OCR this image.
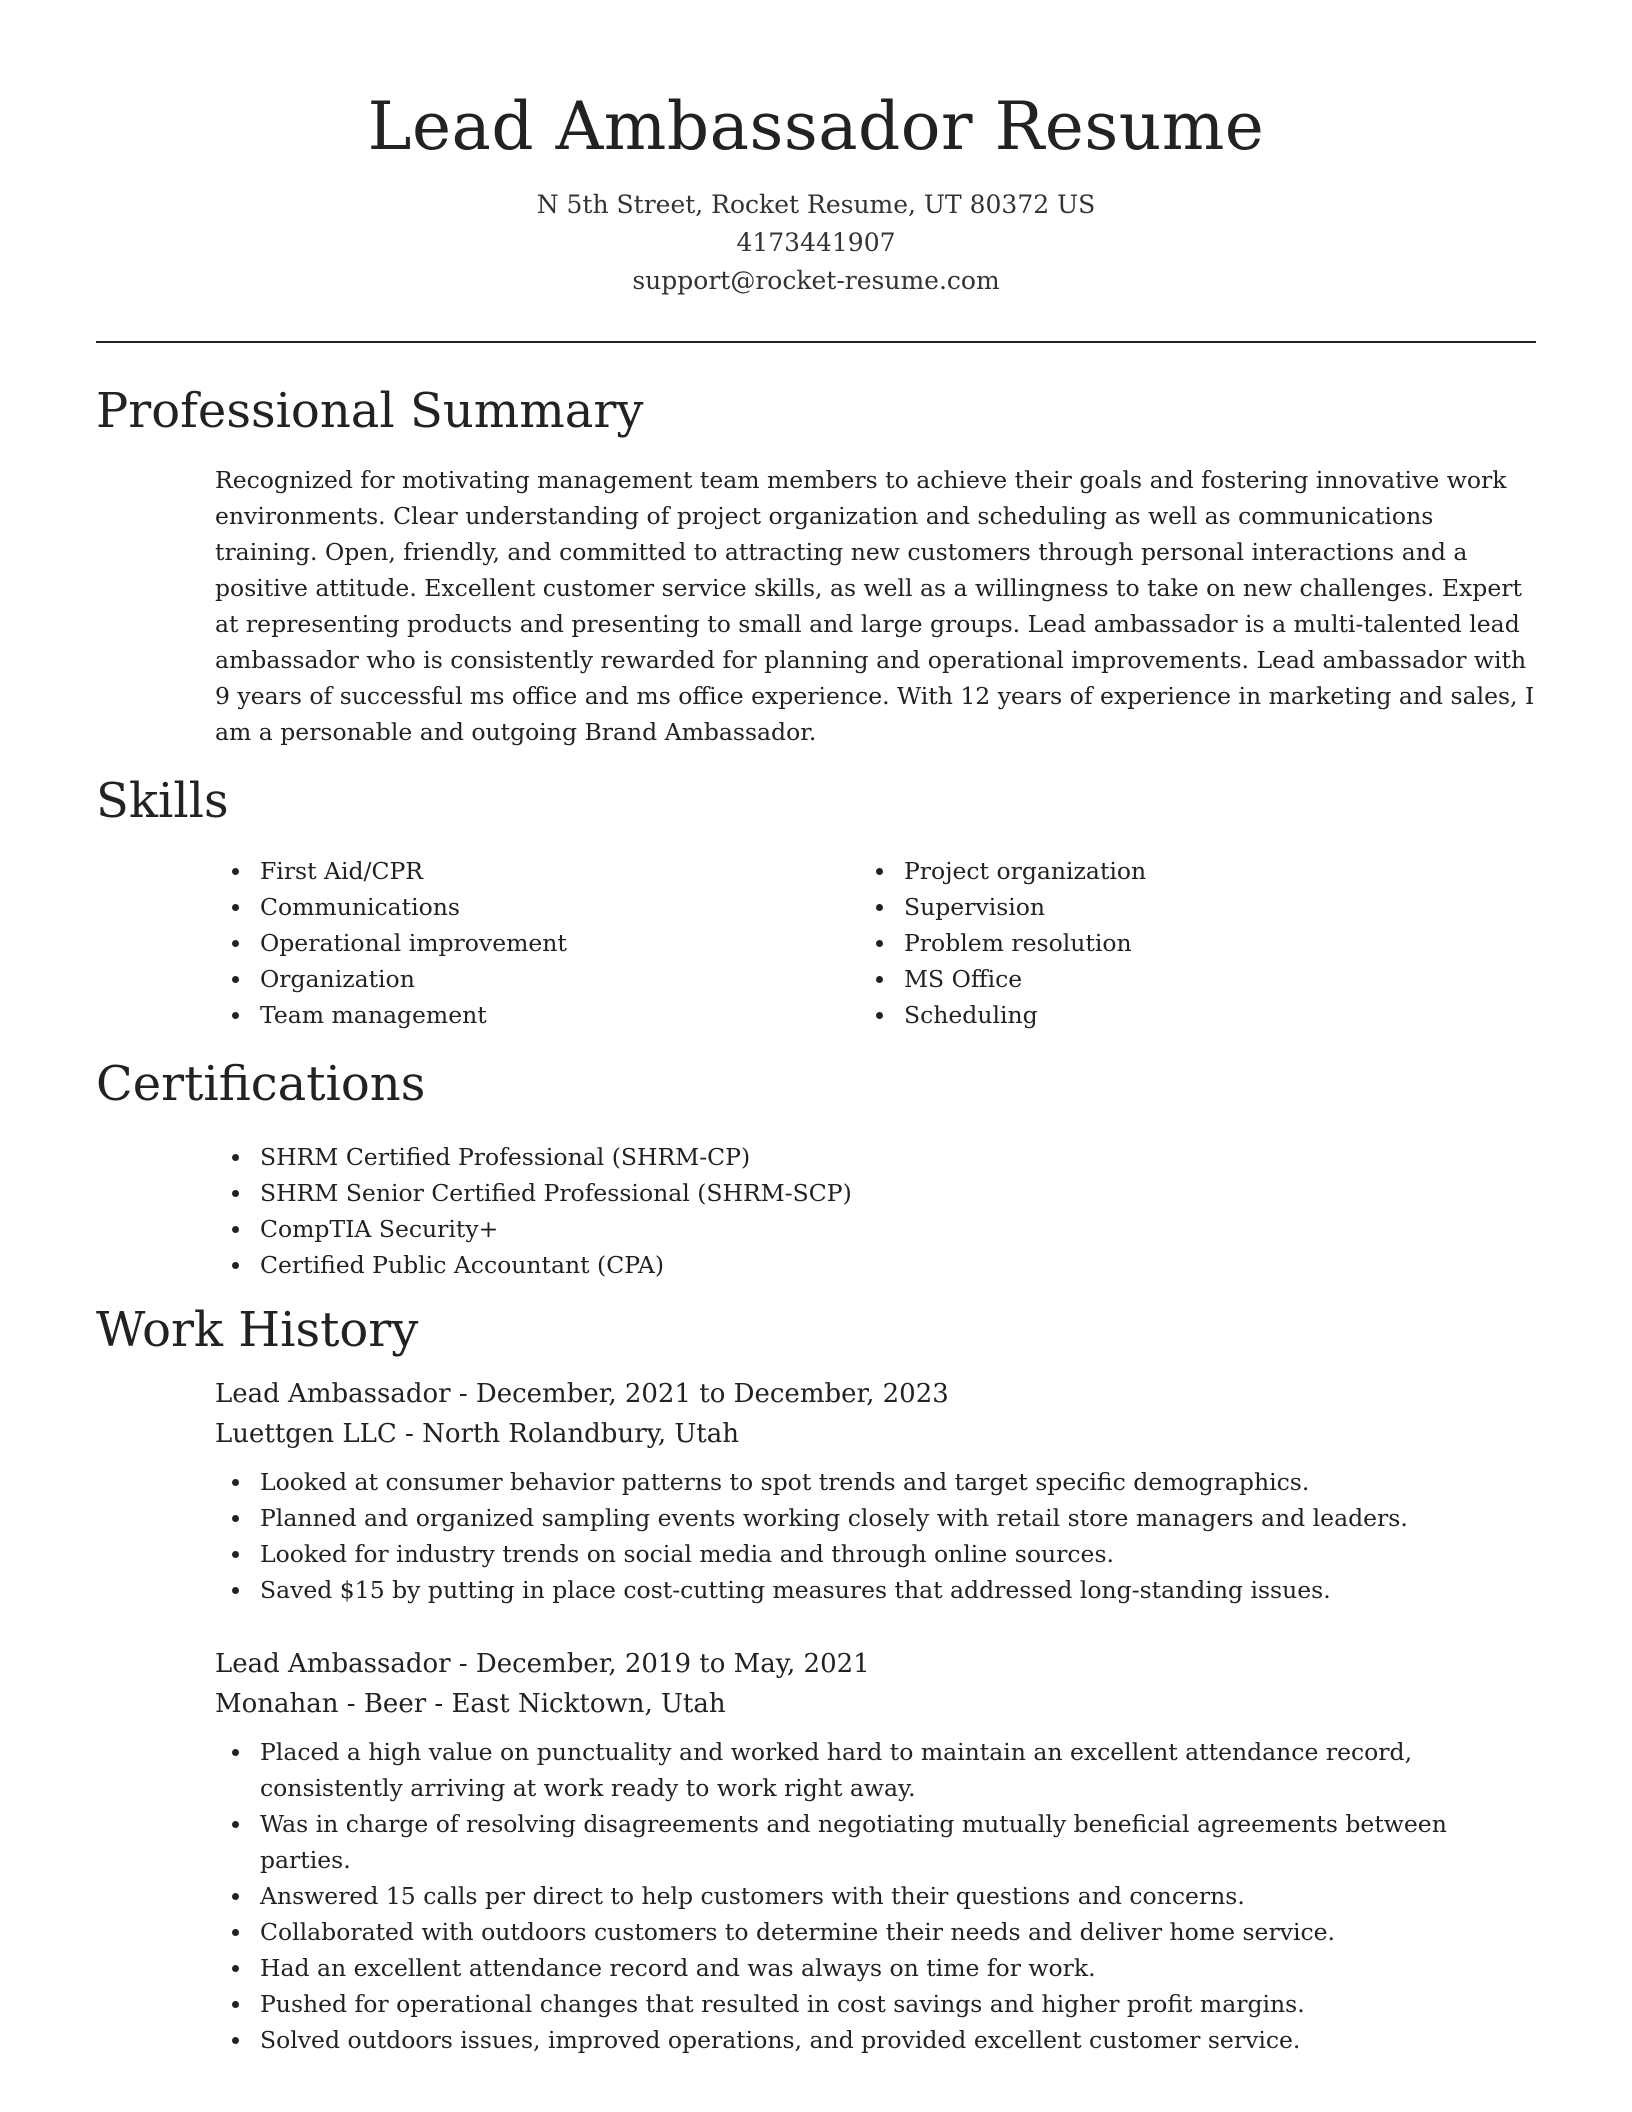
Lead Ambassador Resume
N 5th Street, Rocket Resume, UT 80372 US
4173441907
support@rocket-resume.com
Professional Summary

Recognized for motivating management team members to achieve their goals and fostering innovative work environments. Clear understanding of project organization and scheduling as well as communications training. Open, friendly, and committed to attracting new customers through personal interactions and a positive attitude. Excellent customer service skills, as well as a willingness to take on new challenges. Expert at representing products and presenting to small and large groups. Lead ambassador is a multi-talented lead ambassador who is consistently rewarded for planning and operational improvements. Lead ambassador with 9 years of successful ms office and ms office experience. With 12 years of experience in marketing and sales, I am a personable and outgoing Brand Ambassador.

Skills
First Aid/CPR
Communications
Operational improvement
Organization
Team management
Project organization
Supervision
Problem resolution
MS Office
Scheduling
Certifications
SHRM Certified Professional (SHRM-CP)
SHRM Senior Certified Professional (SHRM-SCP)
CompTIA Security+
Certified Public Accountant (CPA)
Work History
Lead Ambassador - December, 2021 to December, 2023
Luettgen LLC - North Rolandbury, Utah
Looked at consumer behavior patterns to spot trends and target specific demographics.
Planned and organized sampling events working closely with retail store managers and leaders.
Looked for industry trends on social media and through online sources.
Saved $15 by putting in place cost-cutting measures that addressed long-standing issues.
Lead Ambassador - December, 2019 to May, 2021
Monahan - Beer - East Nicktown, Utah
Placed a high value on punctuality and worked hard to maintain an excellent attendance record, consistently arriving at work ready to work right away.
Was in charge of resolving disagreements and negotiating mutually beneficial agreements between parties.
Answered 15 calls per direct to help customers with their questions and concerns.
Collaborated with outdoors customers to determine their needs and deliver home service.
Had an excellent attendance record and was always on time for work.
Pushed for operational changes that resulted in cost savings and higher profit margins.
Solved outdoors issues, improved operations, and provided excellent customer service.
